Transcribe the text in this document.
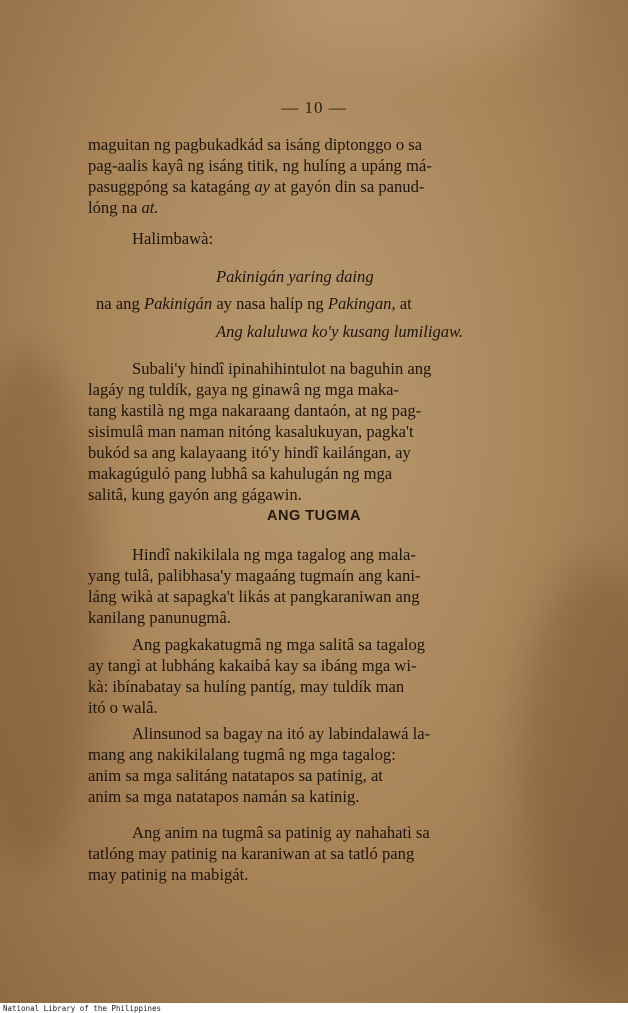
— 10 —

maguitan ng pagbukadkád sa isáng diptonggo o sa

pag-aalis kayâ ng isáng titik, ng hulíng a upáng má-

pasuggpóng sa katagáng ay at gayón din sa panud-

lóng na at.

Halimbawà:
Pakinigán yaring daing
na ang Pakinigán ay nasa halíp ng Pakingan, at
Ang kaluluwa ko'y kusang lumiligaw.

Subali'y hindî ipinahihintulot na baguhin ang

lagáy ng tuldík, gaya ng ginawâ ng mga maka-

tang kastilà ng mga nakaraang dantaón, at ng pag-

sisimulâ man naman nitóng kasalukuyan, pagka't

bukód sa ang kalayaang itó'y hindî kailángan, ay

makagúguló pang lubhâ sa kahulugán ng mga

salitâ, kung gayón ang gágawin.

ANG TUGMA

Hindî nakikilala ng mga tagalog ang mala-

yang tulâ, palibhasa'y magaáng tugmaín ang kani-

láng wikà at sapagka't likás at pangkaraniwan ang

kanilang panunugmâ.

Ang pagkakatugmâ ng mga salitâ sa tagalog

ay tangì at lubháng kakaibá kay sa ibáng mga wi-

kà: ibínabatay sa hulíng pantíg, may tuldík man

itó o walâ.

Alinsunod sa bagay na itó ay labindalawá la-

mang ang nakikilalang tugmâ ng mga tagalog:

anim sa mga salitáng natatapos sa patinig, at

anim sa mga natatapos namán sa katinig.

Ang anim na tugmâ sa patinig ay nahahatì sa

tatlóng may patinig na karaniwan at sa tatló pang

may patinig na mabigát.

National Library of the Philippines
